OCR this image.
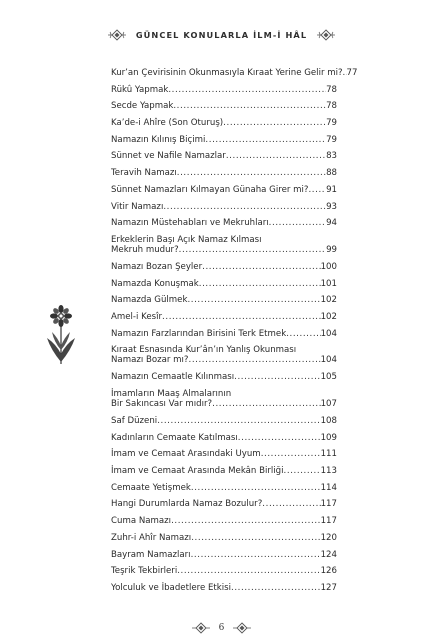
GÜNCEL KONULARLA İLM-İ HÂL
Kur’an Çevirisinin Okunmasıyla Kıraat Yerine Gelir mi? ..... 77
Rükû Yapmak .....	78
Secde Yapmak .....	78
Ka’de-i Ahîre (Son Oturuş) .....	79
Namazın Kılınış Biçimi .....	79
Sünnet ve Nafile Namazlar .....	83
Teravih Namazı .....	88
Sünnet Namazları Kılmayan Günaha Girer mi? ..... 91
Vitir Namazı .....	93
Namazın Müstehabları ve Mekruhları .....	94
Erkeklerin Başı Açık Namaz Kılması
Mekruh mudur? .....	99
Namazı Bozan Şeyler .....	100
Namazda Konuşmak .....	101
Namazda Gülmek .....	102
Amel-i Kesîr .....	102
Namazın Farzlarından Birisini Terk Etmek .....	104
Kıraat Esnasında Kur’ân’ın Yanlış Okunması
Namazı Bozar mı? .....	104
Namazın Cemaatle Kılınması .....	105
İmamların Maaş Almalarının
Bir Sakıncası Var mıdır? .....	107
Saf Düzeni .....	108
Kadınların Cemaate Katılması .....	109
İmam ve Cemaat Arasındaki Uyum .....	111
İmam ve Cemaat Arasında Mekân Birliği .....	113
Cemaate Yetişmek .....	114
Hangi Durumlarda Namaz Bozulur? .....	117
Cuma Namazı .....	117
Zuhr-i Ahîr Namazı .....	120
Bayram Namazları .....	124
Teşrik Tekbirleri .....	126
Yolculuk ve İbadetlere Etkisi .....	127
6
